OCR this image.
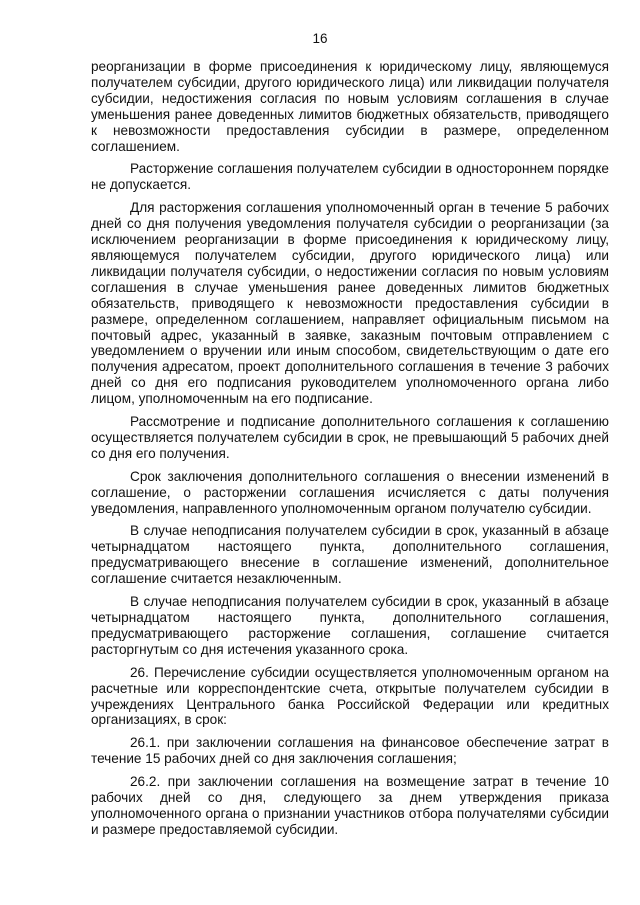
16

реорганизации в форме присоединения к юридическому лицу, являющемуся получателем субсидии, другого юридического лица) или ликвидации получателя субсидии, недостижения согласия по новым условиям соглашения в случае уменьшения ранее доведенных лимитов бюджетных обязательств, приводящего к невозможности предоставления субсидии в размере, определенном соглашением.

Расторжение соглашения получателем субсидии в одностороннем порядке не допускается.

Для расторжения соглашения уполномоченный орган в течение 5 рабочих дней со дня получения уведомления получателя субсидии о реорганизации (за исключением реорганизации в форме присоединения к юридическому лицу, являющемуся получателем субсидии, другого юридического лица) или ликвидации получателя субсидии, о недостижении согласия по новым условиям соглашения в случае уменьшения ранее доведенных лимитов бюджетных обязательств, приводящего к невозможности предоставления субсидии в размере, определенном соглашением, направляет официальным письмом на почтовый адрес, указанный в заявке, заказным почтовым отправлением с уведомлением о вручении или иным способом, свидетельствующим о дате его получения адресатом, проект дополнительного соглашения в течение 3 рабочих дней со дня его подписания руководителем уполномоченного органа либо лицом, уполномоченным на его подписание.

Рассмотрение и подписание дополнительного соглашения к соглашению осуществляется получателем субсидии в срок, не превышающий 5 рабочих дней со дня его получения.

Срок заключения дополнительного соглашения о внесении изменений в соглашение, о расторжении соглашения исчисляется с даты получения уведомления, направленного уполномоченным органом получателю субсидии.

В случае неподписания получателем субсидии в срок, указанный в абзаце четырнадцатом настоящего пункта, дополнительного соглашения, предусматривающего внесение в соглашение изменений, дополнительное соглашение считается незаключенным.

В случае неподписания получателем субсидии в срок, указанный в абзаце четырнадцатом настоящего пункта, дополнительного соглашения, предусматривающего расторжение соглашения, соглашение считается расторгнутым со дня истечения указанного срока.

26. Перечисление субсидии осуществляется уполномоченным органом на расчетные или корреспондентские счета, открытые получателем субсидии в учреждениях Центрального банка Российской Федерации или кредитных организациях, в срок:

26.1. при заключении соглашения на финансовое обеспечение затрат в течение 15 рабочих дней со дня заключения соглашения;

26.2. при заключении соглашения на возмещение затрат в течение 10 рабочих дней со дня, следующего за днем утверждения приказа уполномоченного органа о признании участников отбора получателями субсидии и размере предоставляемой субсидии.
